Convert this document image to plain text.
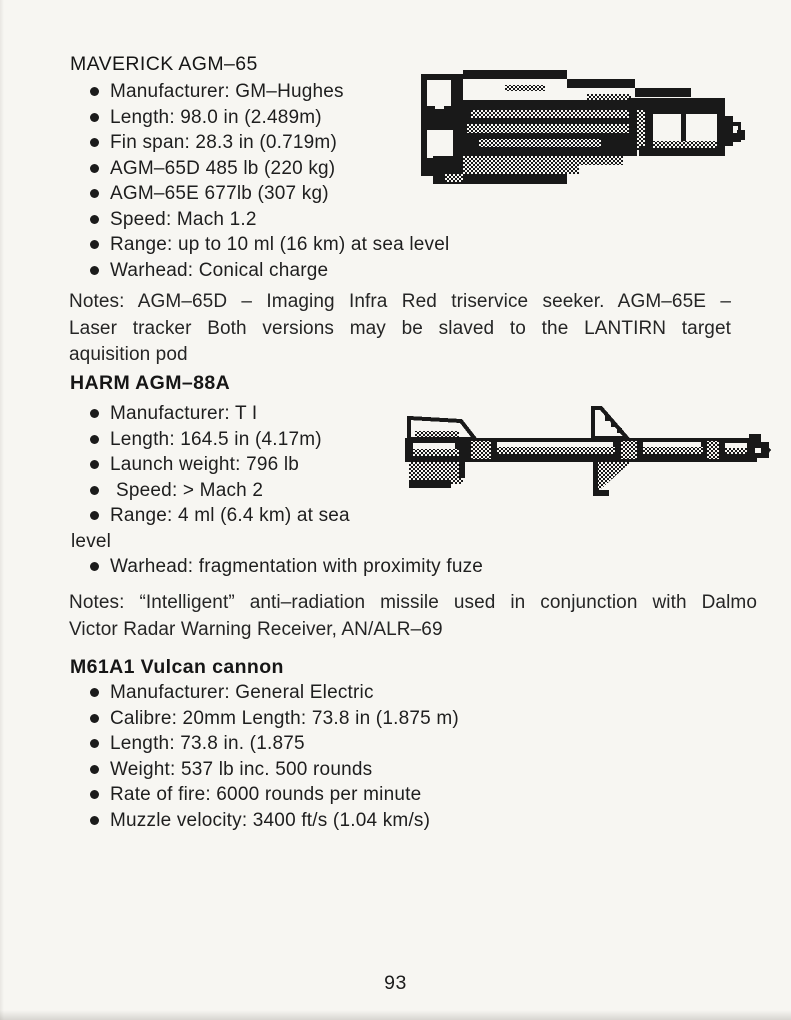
MAVERICK AGM–65
Manufacturer: GM–Hughes
Length: 98.0 in (2.489m)
Fin span: 28.3 in (0.719m)
AGM–65D 485 lb (220 kg)
AGM–65E 677lb (307 kg)
Speed: Mach 1.2
Range: up to 10 ml (16 km) at sea level
Warhead: Conical charge
Notes: AGM–65D – Imaging Infra Red triservice seeker. AGM–65E –
Laser tracker Both versions may be slaved to the LANTIRN target
aquisition pod
HARM AGM–88A
Manufacturer: T I
Length: 164.5 in (4.17m)
Launch weight: 796 lb
Speed: > Mach 2
Range: 4 ml (6.4 km) at sea
level
Warhead: fragmentation with proximity fuze
Notes: “Intelligent” anti–radiation missile used in conjunction with Dalmo
Victor Radar Warning Receiver, AN/ALR–69
M61A1 Vulcan cannon
Manufacturer: General Electric
Calibre: 20mm Length: 73.8 in (1.875 m)
Length: 73.8 in. (1.875
Weight: 537 lb inc. 500 rounds
Rate of fire: 6000 rounds per minute
Muzzle velocity: 3400 ft/s (1.04 km/s)
93
